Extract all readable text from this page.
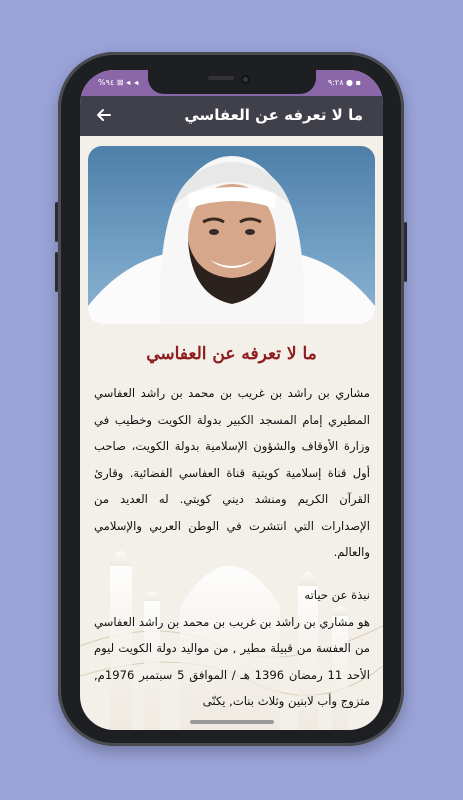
%٩٤ ⊠ ◂ᵢ ◂ᵢ	٩:٢٨ ● ▪
ما لا تعرفه عن العفاسي
ما لا تعرفه عن العفاسي
مشاري بن راشد بن غريب بن محمد بن راشد العفاسي المطيري إمام المسجد الكبير بدولة الكويت وخطيب في وزارة الأوقاف والشؤون الإسلامية بدولة الكويت، صاحب أول قناة إسلامية كويتية قناة العفاسي الفضائية. وقارئ القرآن الكريم ومنشد ديني كويتي. له العديد من الإصدارات التي انتشرت في الوطن العربي والإسلامي والعالم.
نبذة عن حياته
هو مشاري بن راشد بن غريب بن محمد بن راشد العفاسي من العفسة من قبيلة مطير , من مواليد دولة الكويت ليوم الأحد 11 رمضان 1396 هـ / الموافق 5 سبتمبر 1976م, متزوج وأب لابنين وثلاث بنات, يكنّى
